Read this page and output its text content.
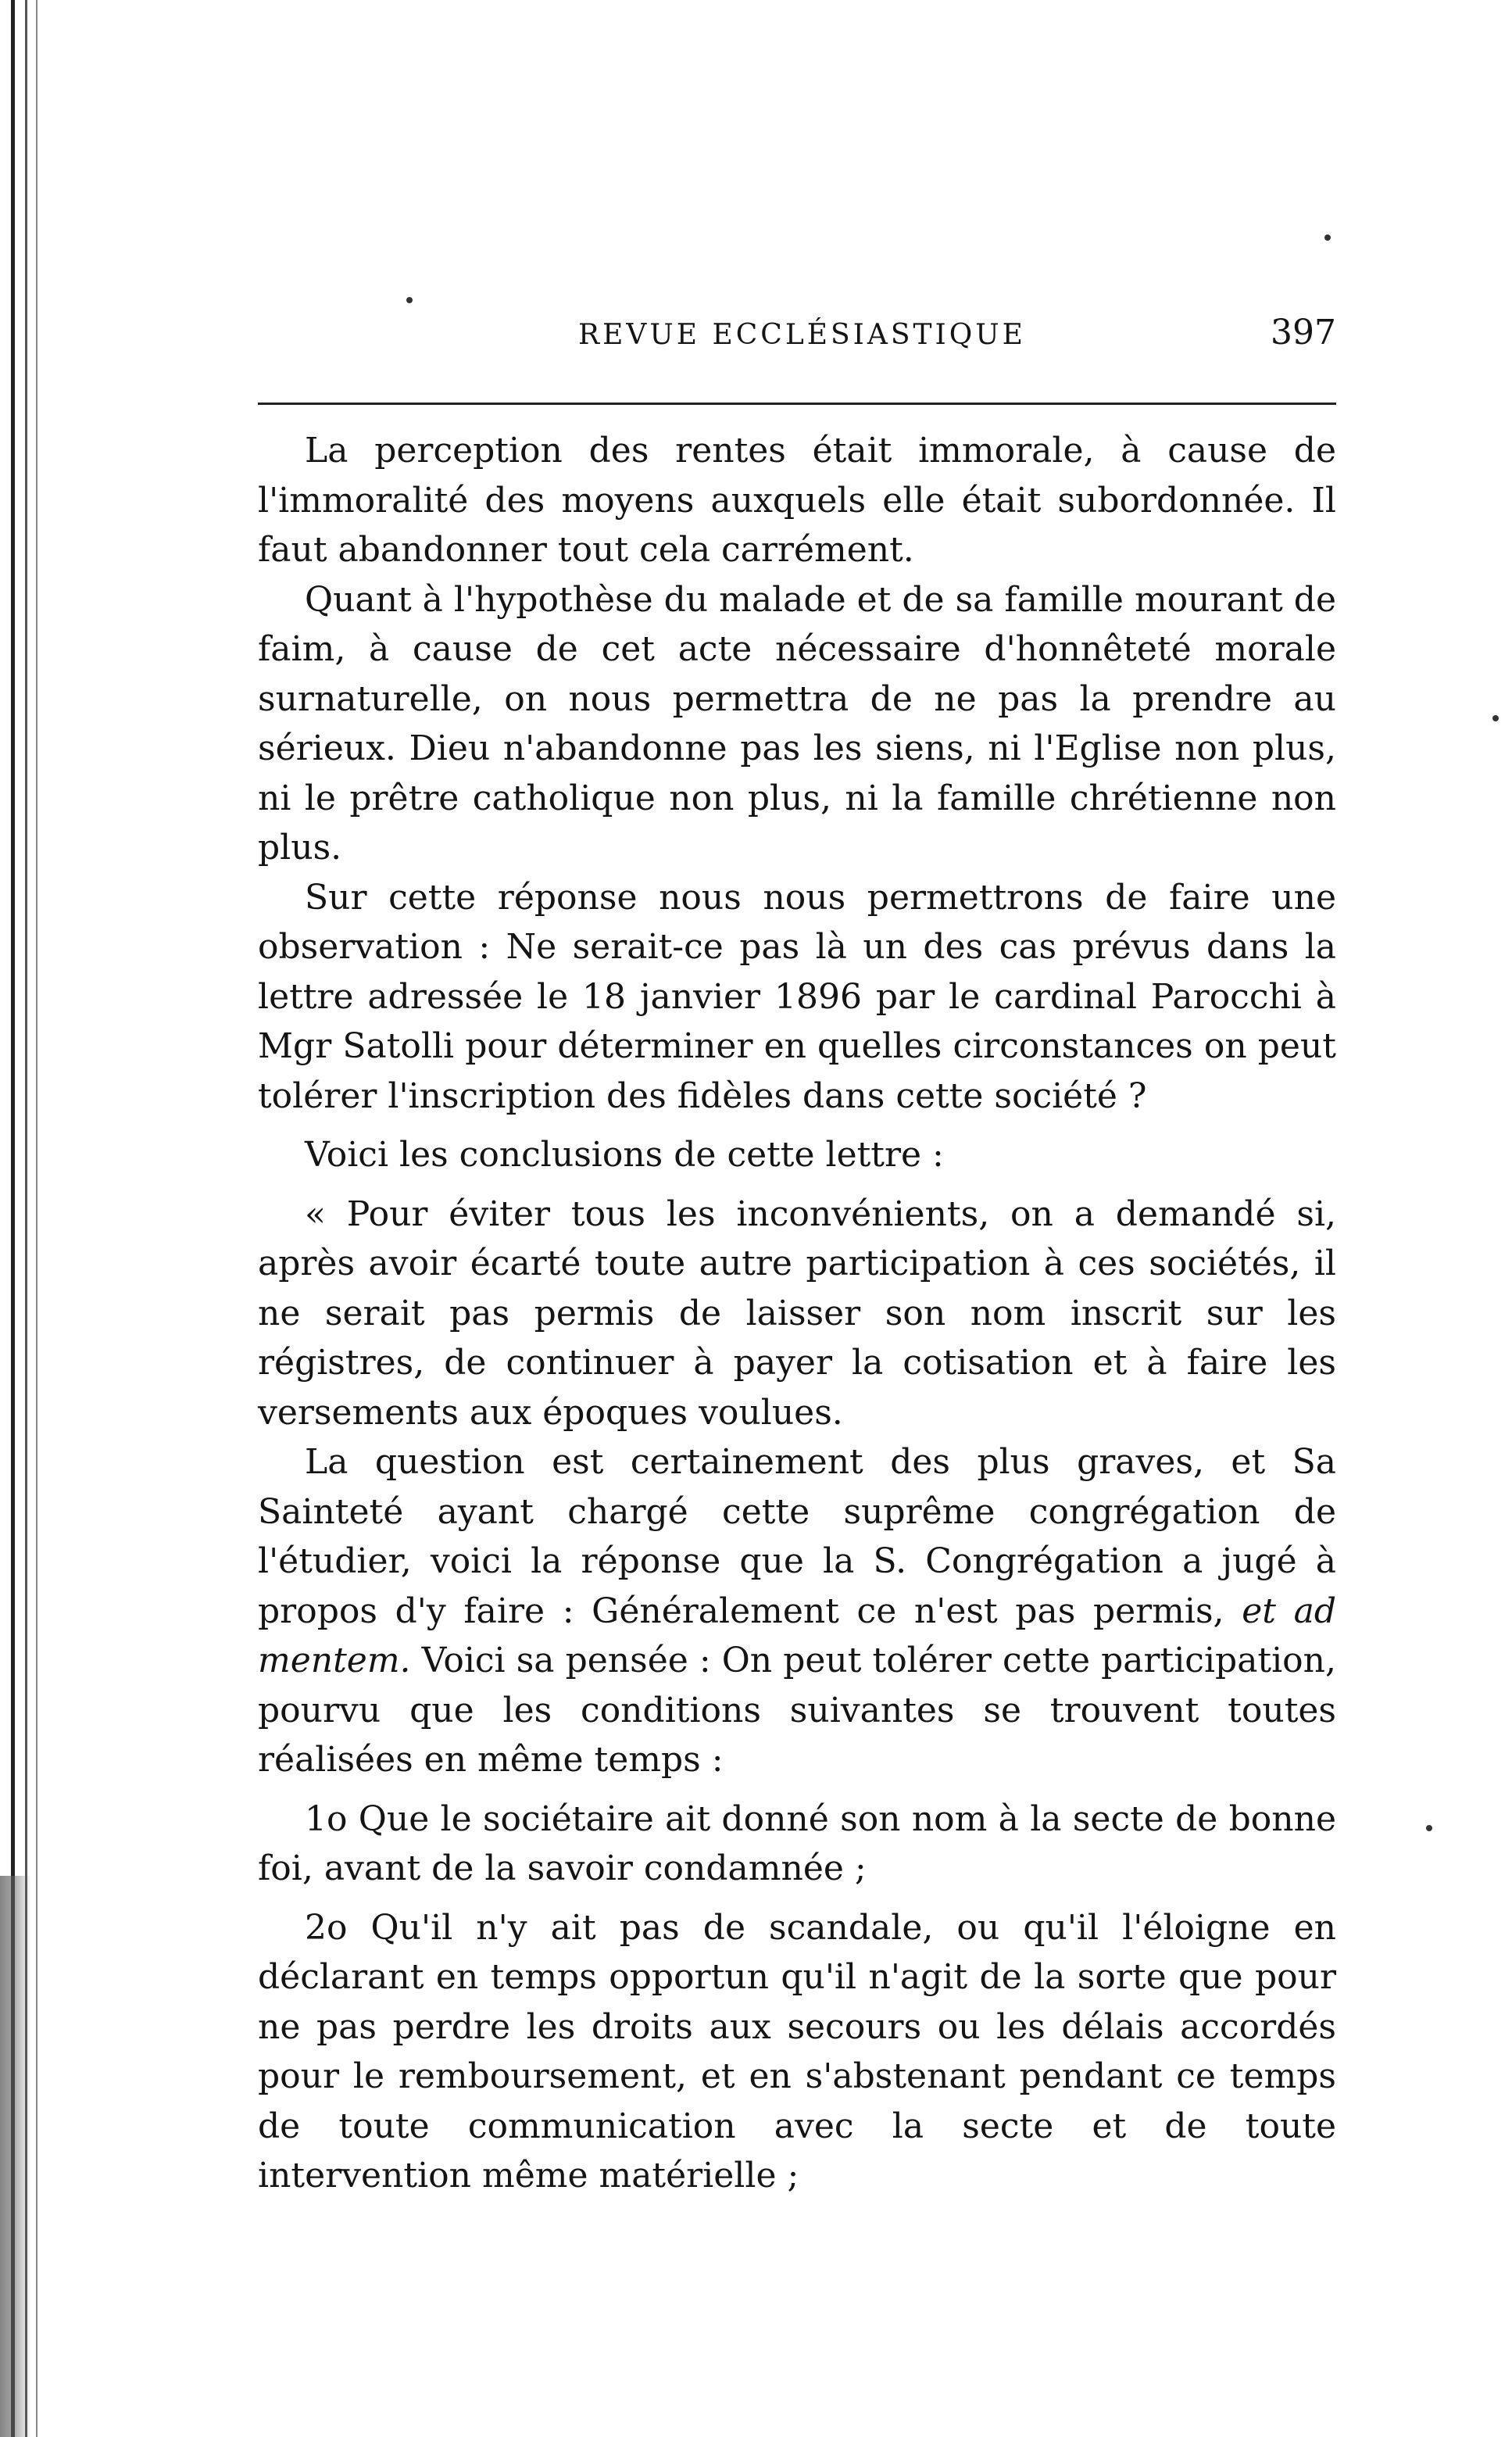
REVUE ECCLÉSIASTIQUE	397

La perception des rentes était immorale, à cause de l'immoralité des moyens auxquels elle était subordonnée. Il faut abandonner tout cela carrément.

Quant à l'hypothèse du malade et de sa famille mourant de faim, à cause de cet acte nécessaire d'honnêteté morale surnaturelle, on nous permettra de ne pas la prendre au sérieux. Dieu n'abandonne pas les siens, ni l'Eglise non plus, ni le prêtre catholique non plus, ni la famille chrétienne non plus.

Sur cette réponse nous nous permettrons de faire une observation : Ne serait-ce pas là un des cas prévus dans la lettre adressée le 18 janvier 1896 par le cardinal Parocchi à Mgr Satolli pour déterminer en quelles circonstances on peut tolérer l'inscription des fidèles dans cette société ?

Voici les conclusions de cette lettre :

« Pour éviter tous les inconvénients, on a demandé si, après avoir écarté toute autre participation à ces sociétés, il ne serait pas permis de laisser son nom inscrit sur les régistres, de continuer à payer la cotisation et à faire les versements aux époques voulues.

La question est certainement des plus graves, et Sa Sainteté ayant chargé cette suprême congrégation de l'étudier, voici la réponse que la S. Congrégation a jugé à propos d'y faire : Généralement ce n'est pas permis, et ad mentem. Voici sa pensée : On peut tolérer cette participation, pourvu que les conditions suivantes se trouvent toutes réalisées en même temps :

1o Que le sociétaire ait donné son nom à la secte de bonne foi, avant de la savoir condamnée ;

2o Qu'il n'y ait pas de scandale, ou qu'il l'éloigne en déclarant en temps opportun qu'il n'agit de la sorte que pour ne pas perdre les droits aux secours ou les délais accordés pour le remboursement, et en s'abstenant pendant ce temps de toute communication avec la secte et de toute intervention même matérielle ;
